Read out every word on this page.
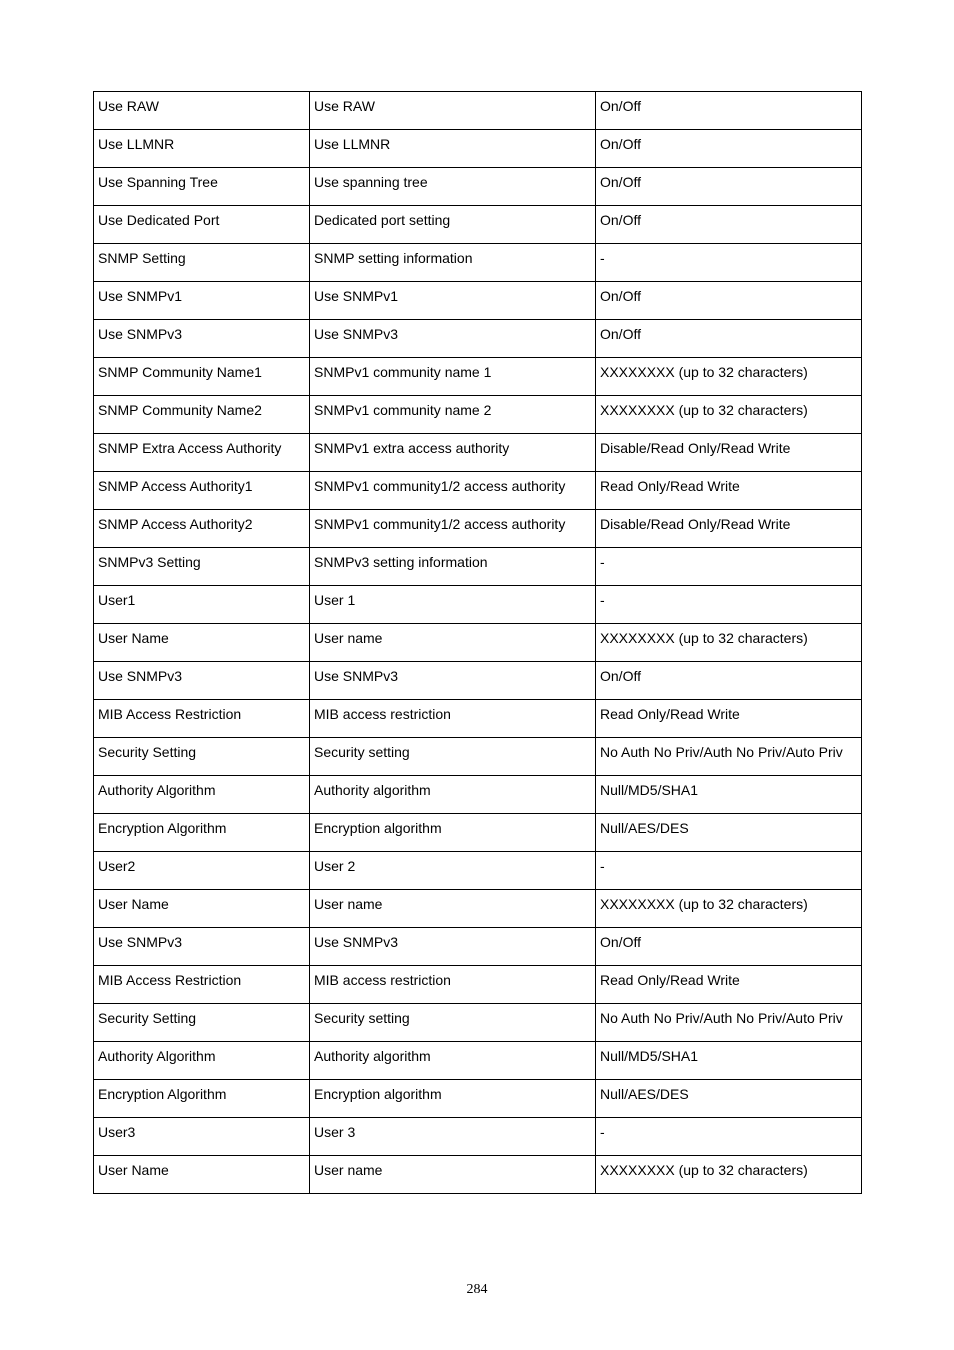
Use RAW	Use RAW	On/Off

Use LLMNR	Use LLMNR	On/Off

Use Spanning Tree	Use spanning tree	On/Off

Use Dedicated Port	Dedicated port setting	On/Off

SNMP Setting	SNMP setting information	-

Use SNMPv1	Use SNMPv1	On/Off

Use SNMPv3	Use SNMPv3	On/Off

SNMP Community Name1	SNMPv1 community name 1	XXXXXXXX (up to 32 characters)

SNMP Community Name2	SNMPv1 community name 2	XXXXXXXX (up to 32 characters)

SNMP Extra Access Authority	SNMPv1 extra access authority	Disable/Read Only/Read Write

SNMP Access Authority1	SNMPv1 community1/2 access authority	Read Only/Read Write

SNMP Access Authority2	SNMPv1 community1/2 access authority	Disable/Read Only/Read Write

SNMPv3 Setting	SNMPv3 setting information	-

User1	User 1	-

User Name	User name	XXXXXXXX (up to 32 characters)

Use SNMPv3	Use SNMPv3	On/Off

MIB Access Restriction	MIB access restriction	Read Only/Read Write

Security Setting	Security setting	No Auth No Priv/Auth No Priv/Auto Priv

Authority Algorithm	Authority algorithm	Null/MD5/SHA1

Encryption Algorithm	Encryption algorithm	Null/AES/DES

User2	User 2	-

User Name	User name	XXXXXXXX (up to 32 characters)

Use SNMPv3	Use SNMPv3	On/Off

MIB Access Restriction	MIB access restriction	Read Only/Read Write

Security Setting	Security setting	No Auth No Priv/Auth No Priv/Auto Priv

Authority Algorithm	Authority algorithm	Null/MD5/SHA1

Encryption Algorithm	Encryption algorithm	Null/AES/DES

User3	User 3	-

User Name	User name	XXXXXXXX (up to 32 characters)
284
